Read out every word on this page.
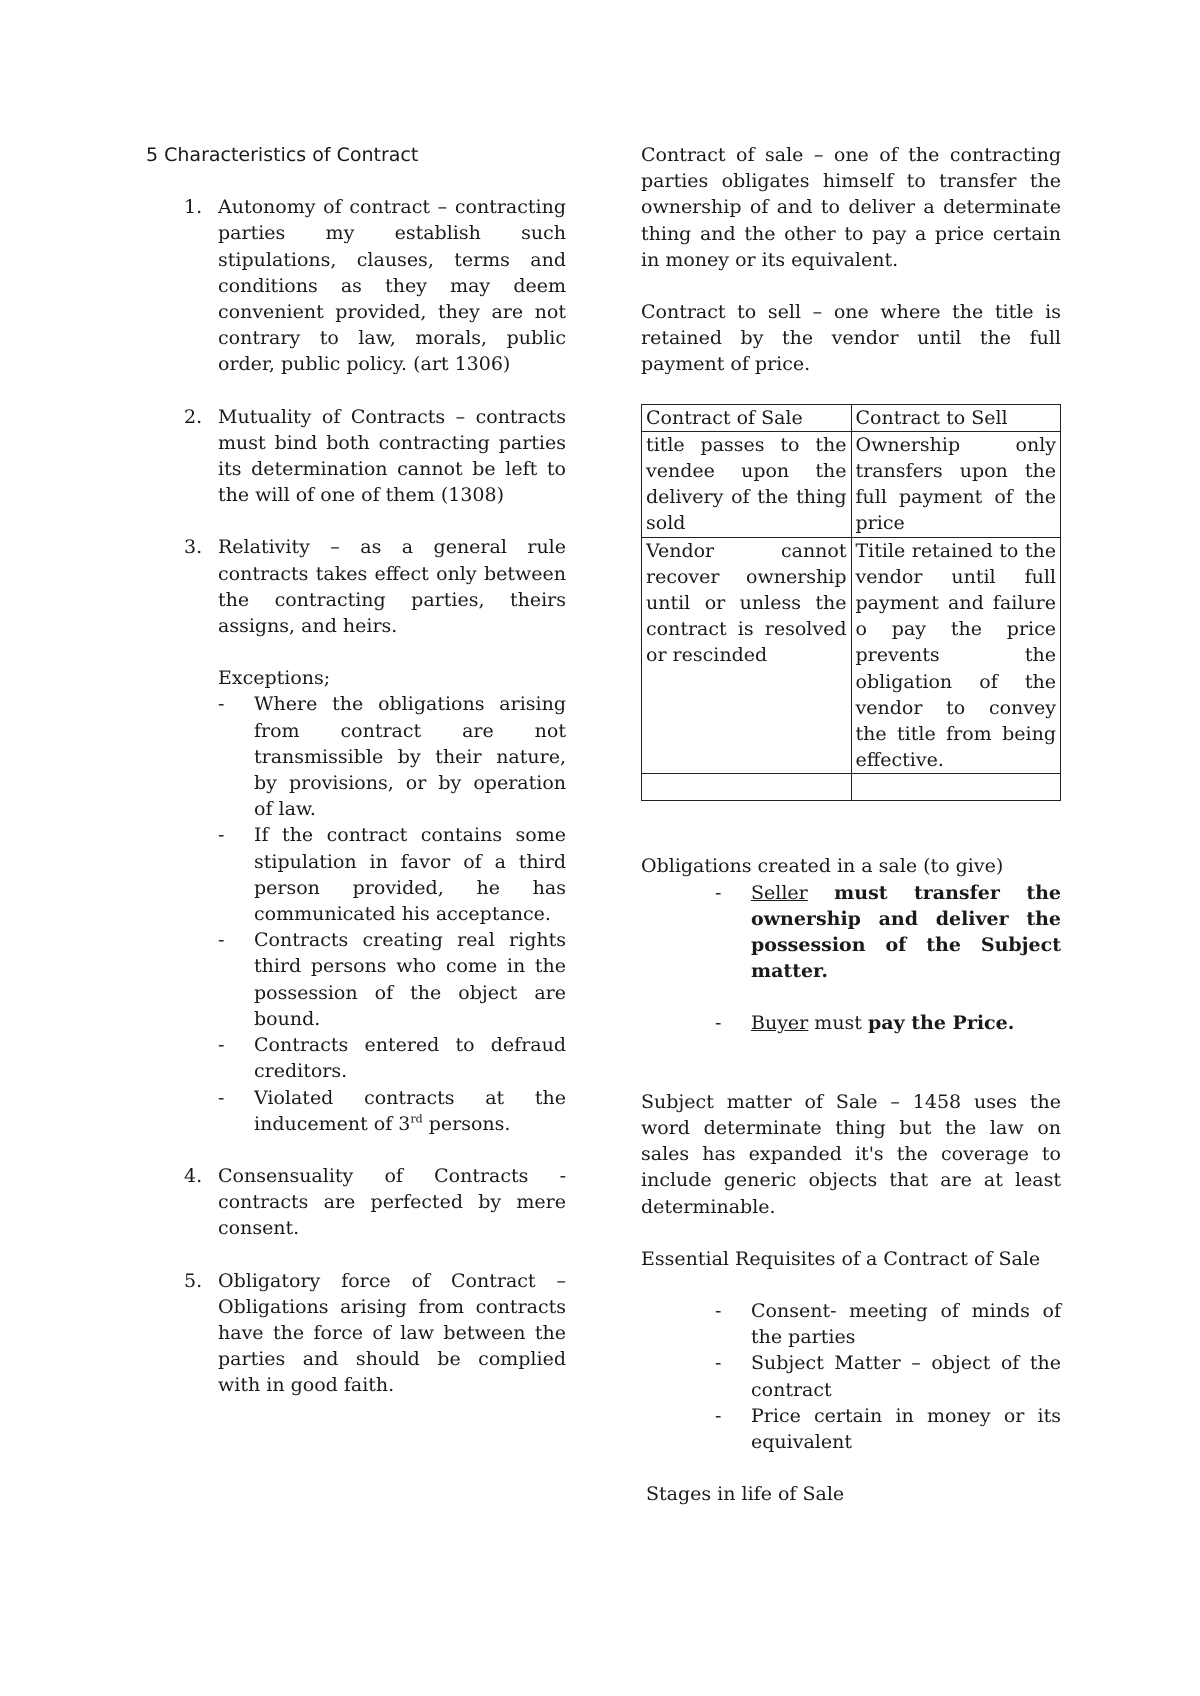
5 Characteristics of Contract

1. Autonomy of contract – contracting parties my establish such stipulations, clauses, terms and conditions as they may deem convenient provided, they are not contrary to law, morals, public order, public policy. (art 1306)
2. Mutuality of Contracts – contracts must bind both contracting parties its determination cannot be left to the will of one of them (1308)
3. Relativity – as a general rule contracts takes effect only between the contracting parties, theirs assigns, and heirs.

Exceptions;

- Where the obligations arising from contract are not transmissible by their nature, by provisions, or by operation of law.
- If the contract contains some stipulation in favor of a third person provided, he has communicated his acceptance.
- Contracts creating real rights third persons who come in the possession of the object are bound.
- Contracts entered to defraud creditors.
- Violated contracts at the inducement of 3rd persons.
4. Consensuality of Contracts - contracts are perfected by mere consent.
5. Obligatory force of Contract – Obligations arising from contracts have the force of law between the parties and should be complied with in good faith.

Contract of sale – one of the contracting parties obligates himself to transfer the ownership of and to deliver a determinate thing and the other to pay a price certain in money or its equivalent.

Contract to sell – one where the title is retained by the vendor until the full payment of price.

Contract of Sale	Contract to Sell
title passes to the vendee upon the delivery of the thing sold	Ownership only transfers upon the full payment of the price
Vendor cannot recover ownership until or unless the contract is resolved or rescinded	Titile retained to the vendor until full payment and failure o pay the price prevents the obligation of the vendor to convey the title from being effective.

Obligations created in a sale (to give)

- Seller must transfer the ownership and deliver the possession of the Subject matter.
- Buyer must pay the Price.

Subject matter of Sale – 1458 uses the word determinate thing but the law on sales has expanded it's the coverage to include generic objects that are at least determinable.

Essential Requisites of a Contract of Sale

- Consent- meeting of minds of the parties
- Subject Matter – object of the contract
- Price certain in money or its equivalent

Stages in life of Sale
